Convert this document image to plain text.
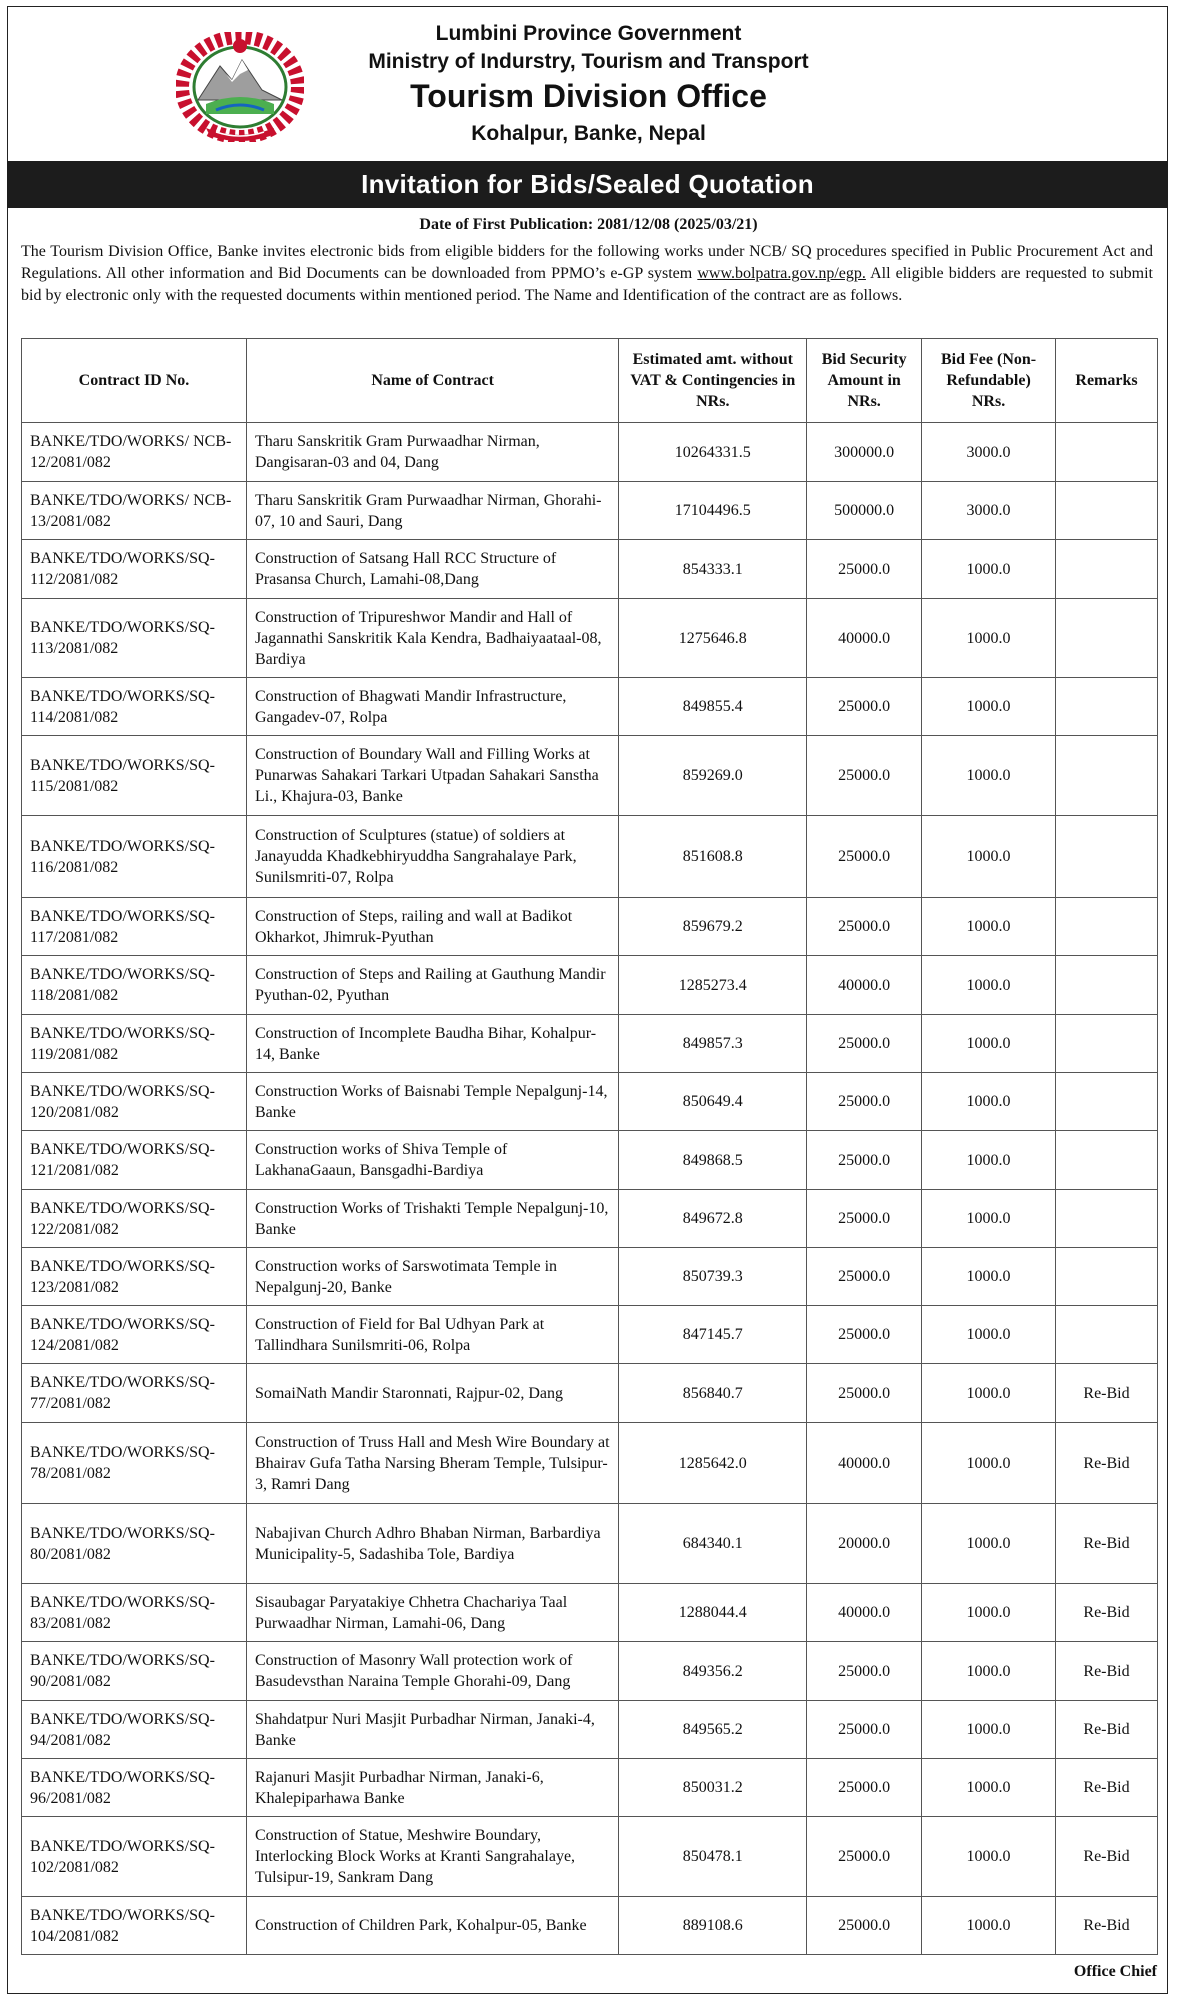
Lumbini Province Government
Ministry of Indurstry, Tourism and Transport
Tourism Division Office
Kohalpur, Banke, Nepal
Invitation for Bids/Sealed Quotation
Date of First Publication: 2081/12/08 (2025/03/21)
The Tourism Division Office, Banke invites electronic bids from eligible bidders for the following works under NCB/ SQ procedures specified in Public Procurement Act and Regulations. All other information and Bid Documents can be downloaded from PPMO’s e-GP system www.bolpatra.gov.np/egp. All eligible bidders are requested to submit bid by electronic only with the requested documents within mentioned period. The Name and Identification of the contract are as follows.
Contract ID No.	Name of Contract	Estimated amt. without VAT & Contingencies in NRs.	Bid Security Amount in NRs.	Bid Fee (Non-Refundable) NRs.	Remarks
BANKE/TDO/WORKS/ NCB-12/2081/082	Tharu Sanskritik Gram Purwaadhar Nirman, Dangisaran-03 and 04, Dang	10264331.5	300000.0	3000.0	
BANKE/TDO/WORKS/ NCB-13/2081/082	Tharu Sanskritik Gram Purwaadhar Nirman, Ghorahi-07, 10 and Sauri, Dang	17104496.5	500000.0	3000.0	
BANKE/TDO/WORKS/SQ-112/2081/082	Construction of Satsang Hall RCC Structure of Prasansa Church, Lamahi-08,Dang	854333.1	25000.0	1000.0	
BANKE/TDO/WORKS/SQ-113/2081/082	Construction of Tripureshwor Mandir and Hall of Jagannathi Sanskritik Kala Kendra, Badhaiyaataal-08, Bardiya	1275646.8	40000.0	1000.0	
BANKE/TDO/WORKS/SQ-114/2081/082	Construction of Bhagwati Mandir Infrastructure, Gangadev-07, Rolpa	849855.4	25000.0	1000.0	
BANKE/TDO/WORKS/SQ-115/2081/082	Construction of Boundary Wall and Filling Works at Punarwas Sahakari Tarkari Utpadan Sahakari Sanstha Li., Khajura-03, Banke	859269.0	25000.0	1000.0	
BANKE/TDO/WORKS/SQ-116/2081/082	Construction of Sculptures (statue) of soldiers at Janayudda Khadkebhiryuddha Sangrahalaye Park, Sunilsmriti-07, Rolpa	851608.8	25000.0	1000.0	
BANKE/TDO/WORKS/SQ-117/2081/082	Construction of Steps, railing and wall at Badikot Okharkot, Jhimruk-Pyuthan	859679.2	25000.0	1000.0	
BANKE/TDO/WORKS/SQ-118/2081/082	Construction of Steps and Railing at Gauthung Mandir Pyuthan-02, Pyuthan	1285273.4	40000.0	1000.0	
BANKE/TDO/WORKS/SQ-119/2081/082	Construction of Incomplete Baudha Bihar, Kohalpur-14, Banke	849857.3	25000.0	1000.0	
BANKE/TDO/WORKS/SQ-120/2081/082	Construction Works of Baisnabi Temple Nepalgunj-14, Banke	850649.4	25000.0	1000.0	
BANKE/TDO/WORKS/SQ-121/2081/082	Construction works of Shiva Temple of LakhanaGaaun, Bansgadhi-Bardiya	849868.5	25000.0	1000.0	
BANKE/TDO/WORKS/SQ-122/2081/082	Construction Works of Trishakti Temple Nepalgunj-10, Banke	849672.8	25000.0	1000.0	
BANKE/TDO/WORKS/SQ-123/2081/082	Construction works of Sarswotimata Temple in Nepalgunj-20, Banke	850739.3	25000.0	1000.0	
BANKE/TDO/WORKS/SQ-124/2081/082	Construction of Field for Bal Udhyan Park at Tallindhara Sunilsmriti-06, Rolpa	847145.7	25000.0	1000.0	
BANKE/TDO/WORKS/SQ-77/2081/082	SomaiNath Mandir Staronnati, Rajpur-02, Dang	856840.7	25000.0	1000.0	Re-Bid
BANKE/TDO/WORKS/SQ-78/2081/082	Construction of Truss Hall and Mesh Wire Boundary at Bhairav Gufa Tatha Narsing Bheram Temple, Tulsipur-3, Ramri Dang	1285642.0	40000.0	1000.0	Re-Bid
BANKE/TDO/WORKS/SQ-80/2081/082	Nabajivan Church Adhro Bhaban Nirman, Barbardiya Municipality-5, Sadashiba Tole, Bardiya	684340.1	20000.0	1000.0	Re-Bid
BANKE/TDO/WORKS/SQ-83/2081/082	Sisaubagar Paryatakiye Chhetra Chachariya Taal Purwaadhar Nirman, Lamahi-06, Dang	1288044.4	40000.0	1000.0	Re-Bid
BANKE/TDO/WORKS/SQ-90/2081/082	Construction of Masonry Wall protection work of Basudevsthan Naraina Temple Ghorahi-09, Dang	849356.2	25000.0	1000.0	Re-Bid
BANKE/TDO/WORKS/SQ-94/2081/082	Shahdatpur Nuri Masjit Purbadhar Nirman, Janaki-4, Banke	849565.2	25000.0	1000.0	Re-Bid
BANKE/TDO/WORKS/SQ-96/2081/082	Rajanuri Masjit Purbadhar Nirman, Janaki-6, Khalepiparhawa Banke	850031.2	25000.0	1000.0	Re-Bid
BANKE/TDO/WORKS/SQ-102/2081/082	Construction of Statue, Meshwire Boundary, Interlocking Block Works at Kranti Sangrahalaye, Tulsipur-19, Sankram Dang	850478.1	25000.0	1000.0	Re-Bid
BANKE/TDO/WORKS/SQ-104/2081/082	Construction of Children Park, Kohalpur-05, Banke	889108.6	25000.0	1000.0	Re-Bid
Office Chief
